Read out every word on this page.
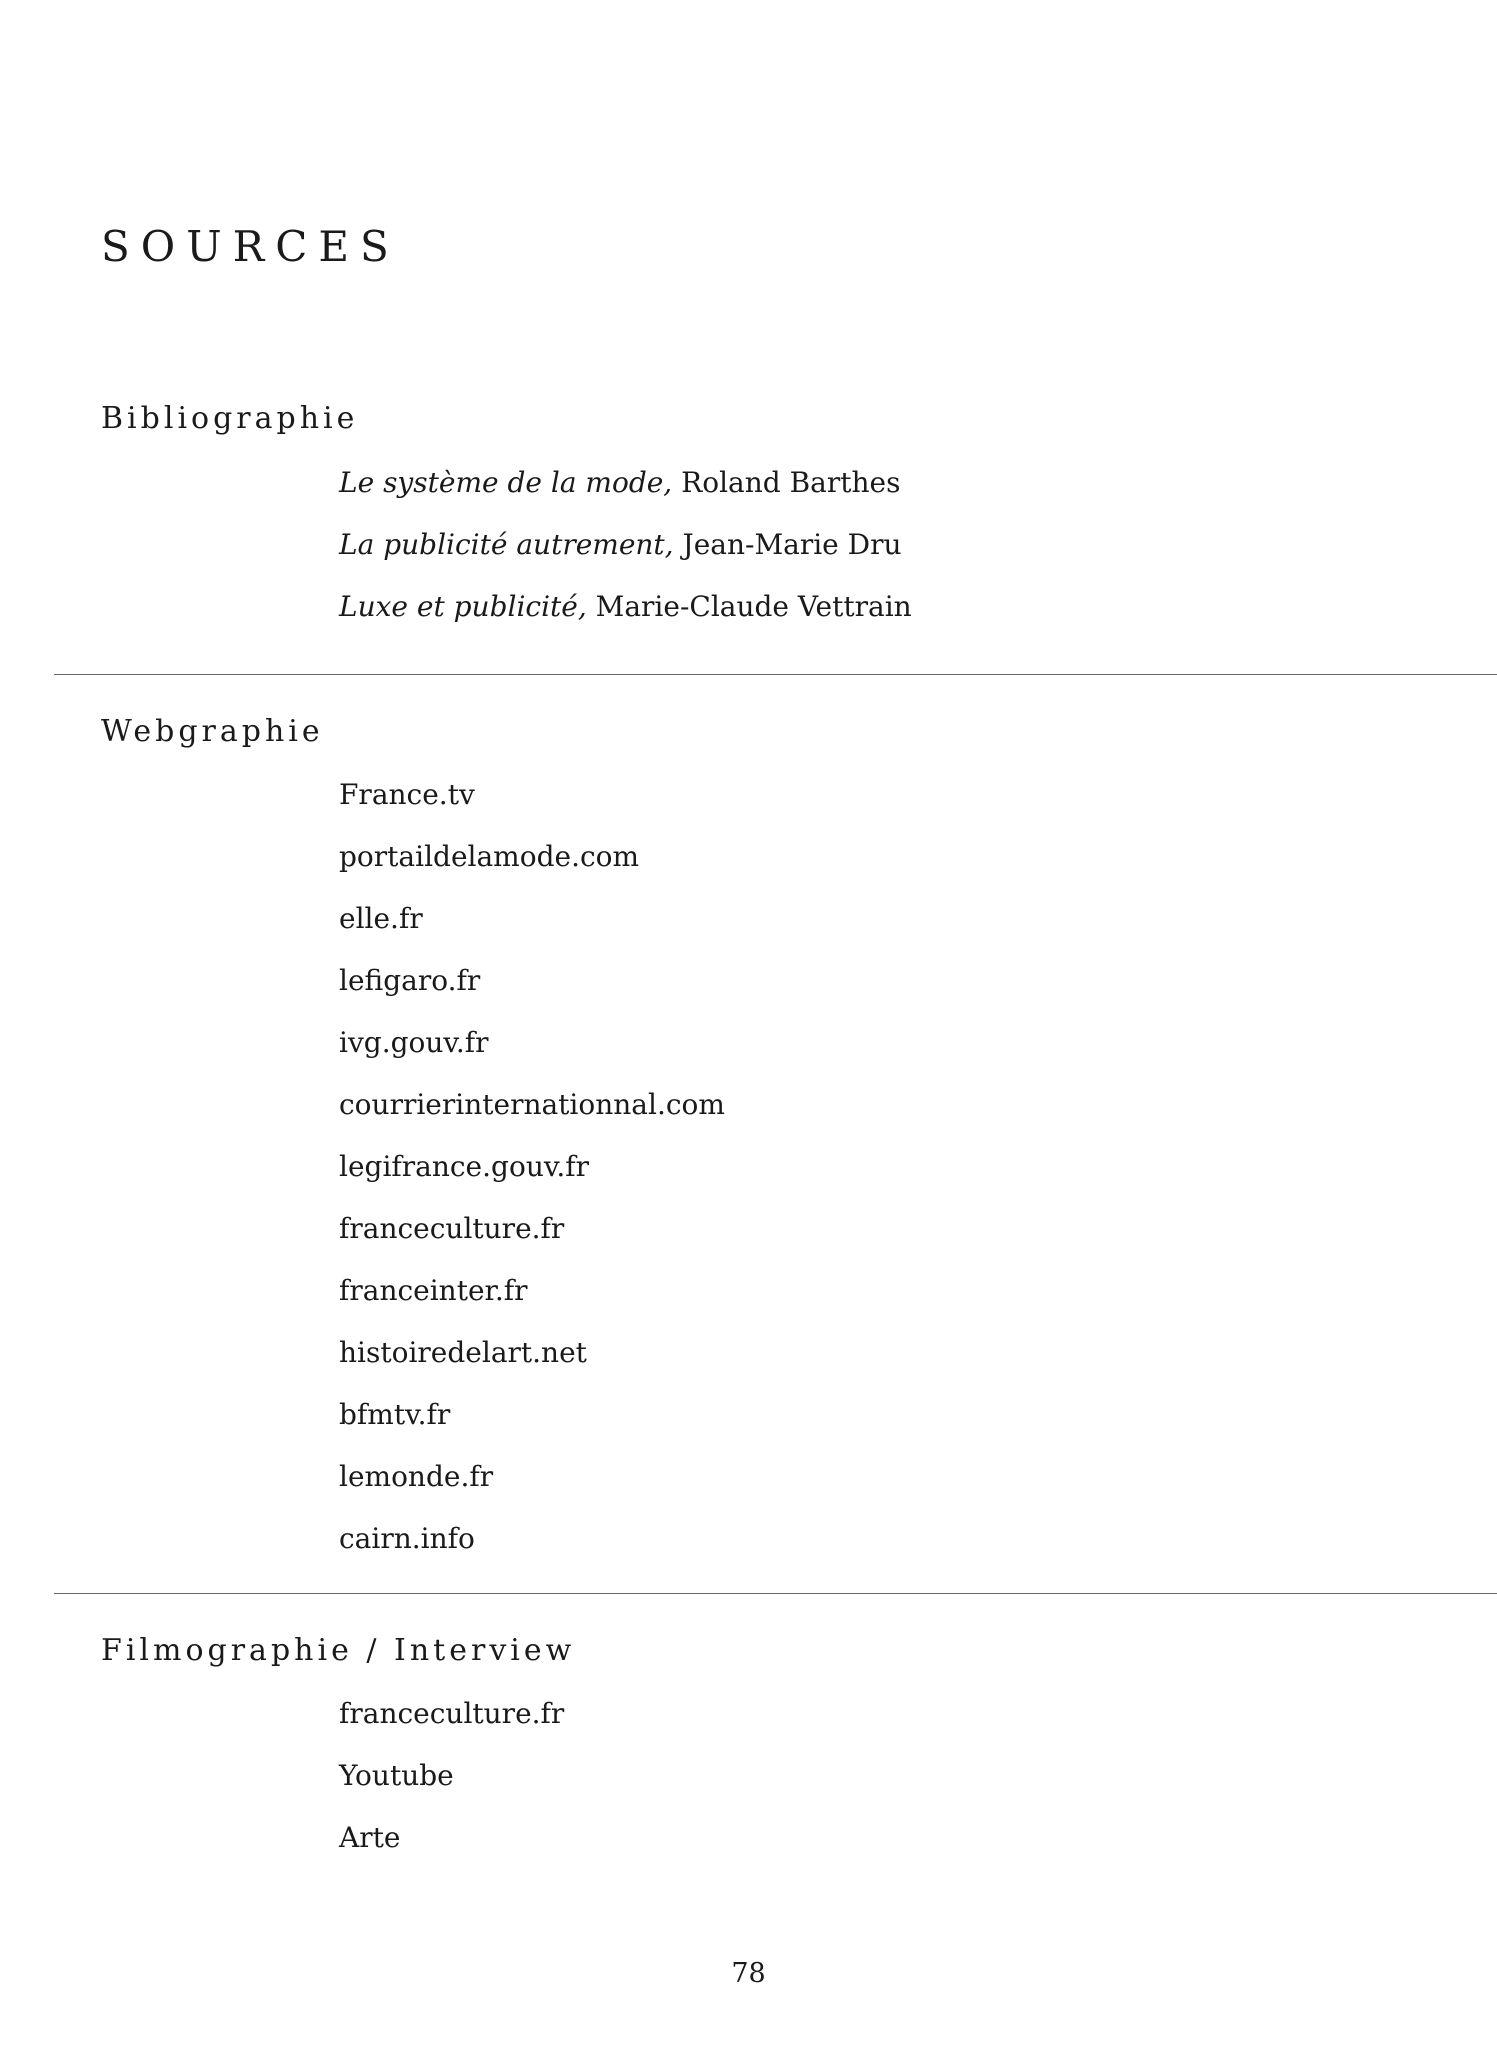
SOURCES
Bibliographie
Le système de la mode, Roland Barthes
La publicité autrement, Jean-Marie Dru
Luxe et publicité, Marie-Claude Vettrain
Webgraphie
France.tv
portaildelamode.com
elle.fr
lefigaro.fr
ivg.gouv.fr
courrierinternationnal.com
legifrance.gouv.fr
franceculture.fr
franceinter.fr
histoiredelart.net
bfmtv.fr
lemonde.fr
cairn.info
Filmographie / Interview
franceculture.fr
Youtube
Arte
78
